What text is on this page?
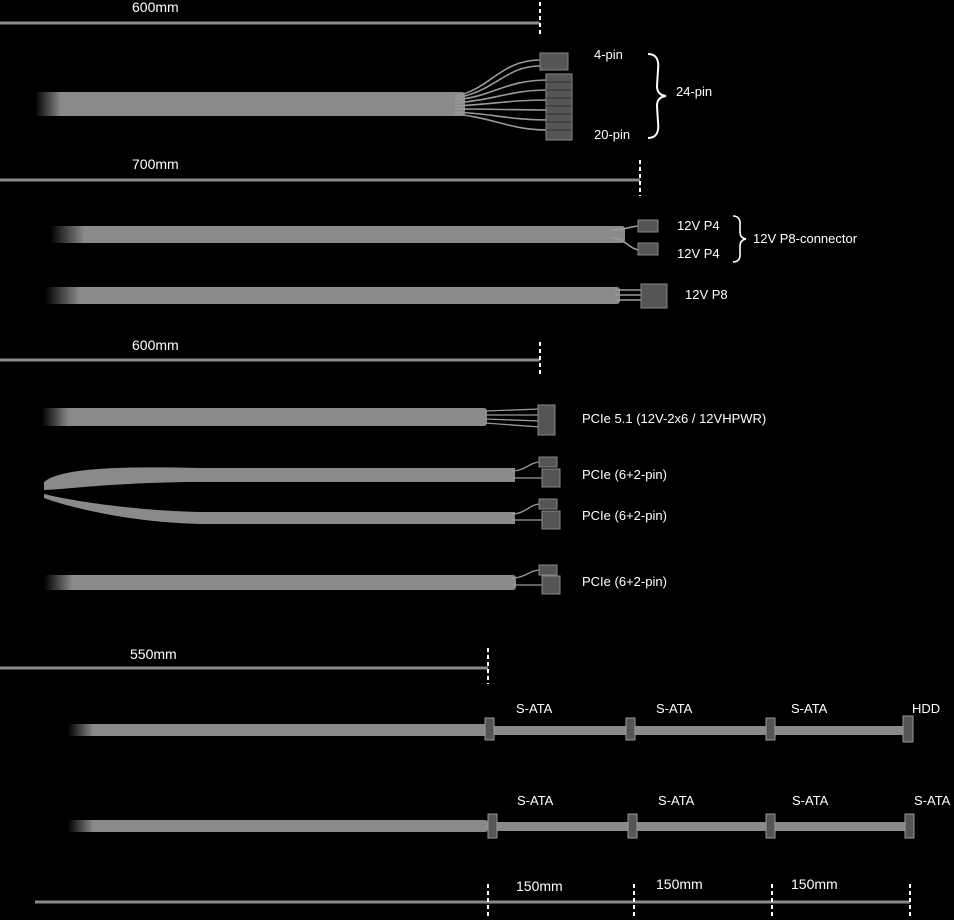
600mm
4-pin
20-pin
24-pin
700mm
12V P4
12V P4
12V P8-connector
12V P8
600mm
PCIe 5.1 (12V-2x6 / 12VHPWR)
PCIe (6+2-pin)
PCIe (6+2-pin)
PCIe (6+2-pin)
550mm
S-ATA	S-ATA	S-ATA	HDD
S-ATA	S-ATA	S-ATA	S-ATA
150mm	150mm	150mm
